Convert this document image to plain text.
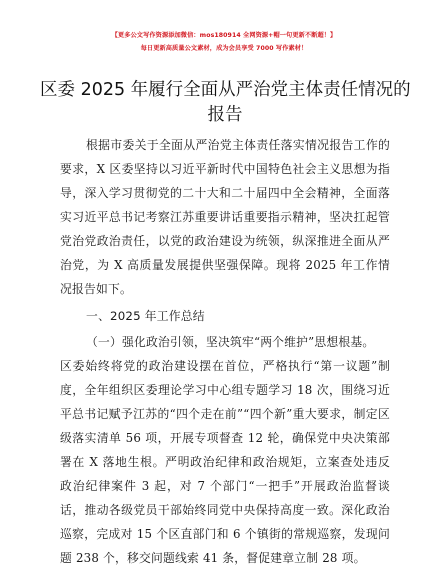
【更多公文写作资源添加微信：mos180914 全网资源+帽一句更新不断超！】
每日更新高质量公文素材，成为会员享受 7000 写作素材！
区委 2025 年履行全面从严治党主体责任情况的
报告
根据市委关于全面从严治党主体责任落实情况报告工作的
要求，X 区委坚持以习近平新时代中国特色社会主义思想为指
导，深入学习贯彻党的二十大和二十届四中全会精神，全面落
实习近平总书记考察江苏重要讲话重要指示精神，坚决扛起管
党治党政治责任，以党的政治建设为统领，纵深推进全面从严
治党，为 X 高质量发展提供坚强保障。现将 2025 年工作情
况报告如下。
一、2025 年工作总结
（一）强化政治引领，坚决筑牢“两个维护”思想根基。
区委始终将党的政治建设摆在首位，严格执行“第一议题”制
度，全年组织区委理论学习中心组专题学习 18 次，围绕习近
平总书记赋予江苏的“四个走在前”“四个新”重大要求，制定区
级落实清单 56 项，开展专项督查 12 轮，确保党中央决策部
署在 X 落地生根。严明政治纪律和政治规矩，立案查处违反
政治纪律案件 3 起，对 7 个部门“一把手”开展政治监督谈
话，推动各级党员干部始终同党中央保持高度一致。深化政治
巡察，完成对 15 个区直部门和 6 个镇街的常规巡察，发现问
题 238 个，移交问题线索 41 条，督促建章立制 28 项。
